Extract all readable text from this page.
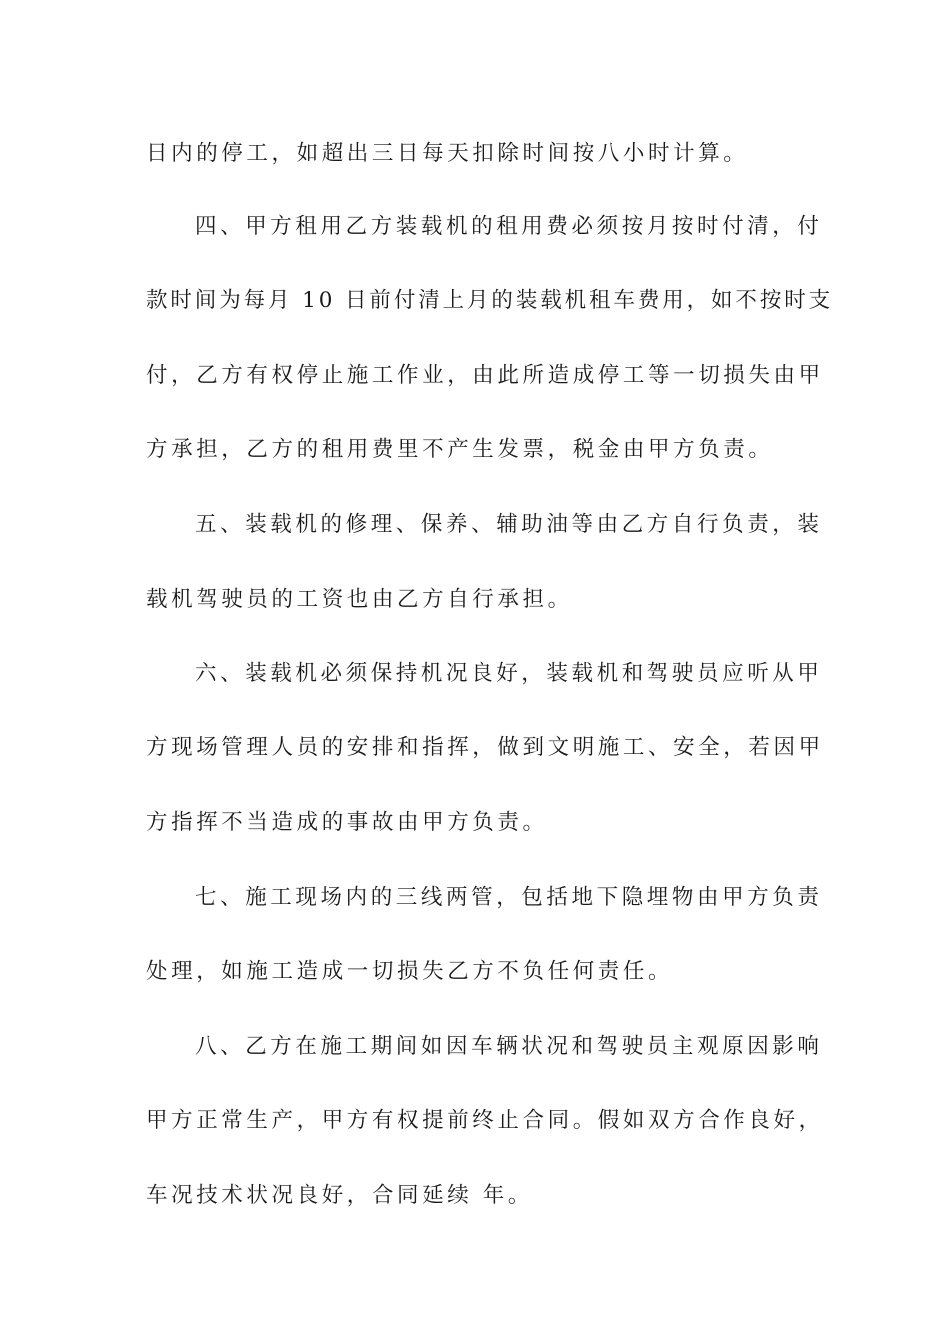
日内的停工，如超出三日每天扣除时间按八小时计算。
四、甲方租用乙方装载机的租用费必须按月按时付清，付
款时间为每月 10 日前付清上月的装载机租车费用，如不按时支
付，乙方有权停止施工作业，由此所造成停工等一切损失由甲
方承担，乙方的租用费里不产生发票，税金由甲方负责。
五、装载机的修理、保养、辅助油等由乙方自行负责，装
载机驾驶员的工资也由乙方自行承担。
六、装载机必须保持机况良好，装载机和驾驶员应听从甲
方现场管理人员的安排和指挥，做到文明施工、安全，若因甲
方指挥不当造成的事故由甲方负责。
七、施工现场内的三线两管，包括地下隐埋物由甲方负责
处理，如施工造成一切损失乙方不负任何责任。
八、乙方在施工期间如因车辆状况和驾驶员主观原因影响
甲方正常生产，甲方有权提前终止合同。假如双方合作良好，
车况技术状况良好，合同延续 年。
